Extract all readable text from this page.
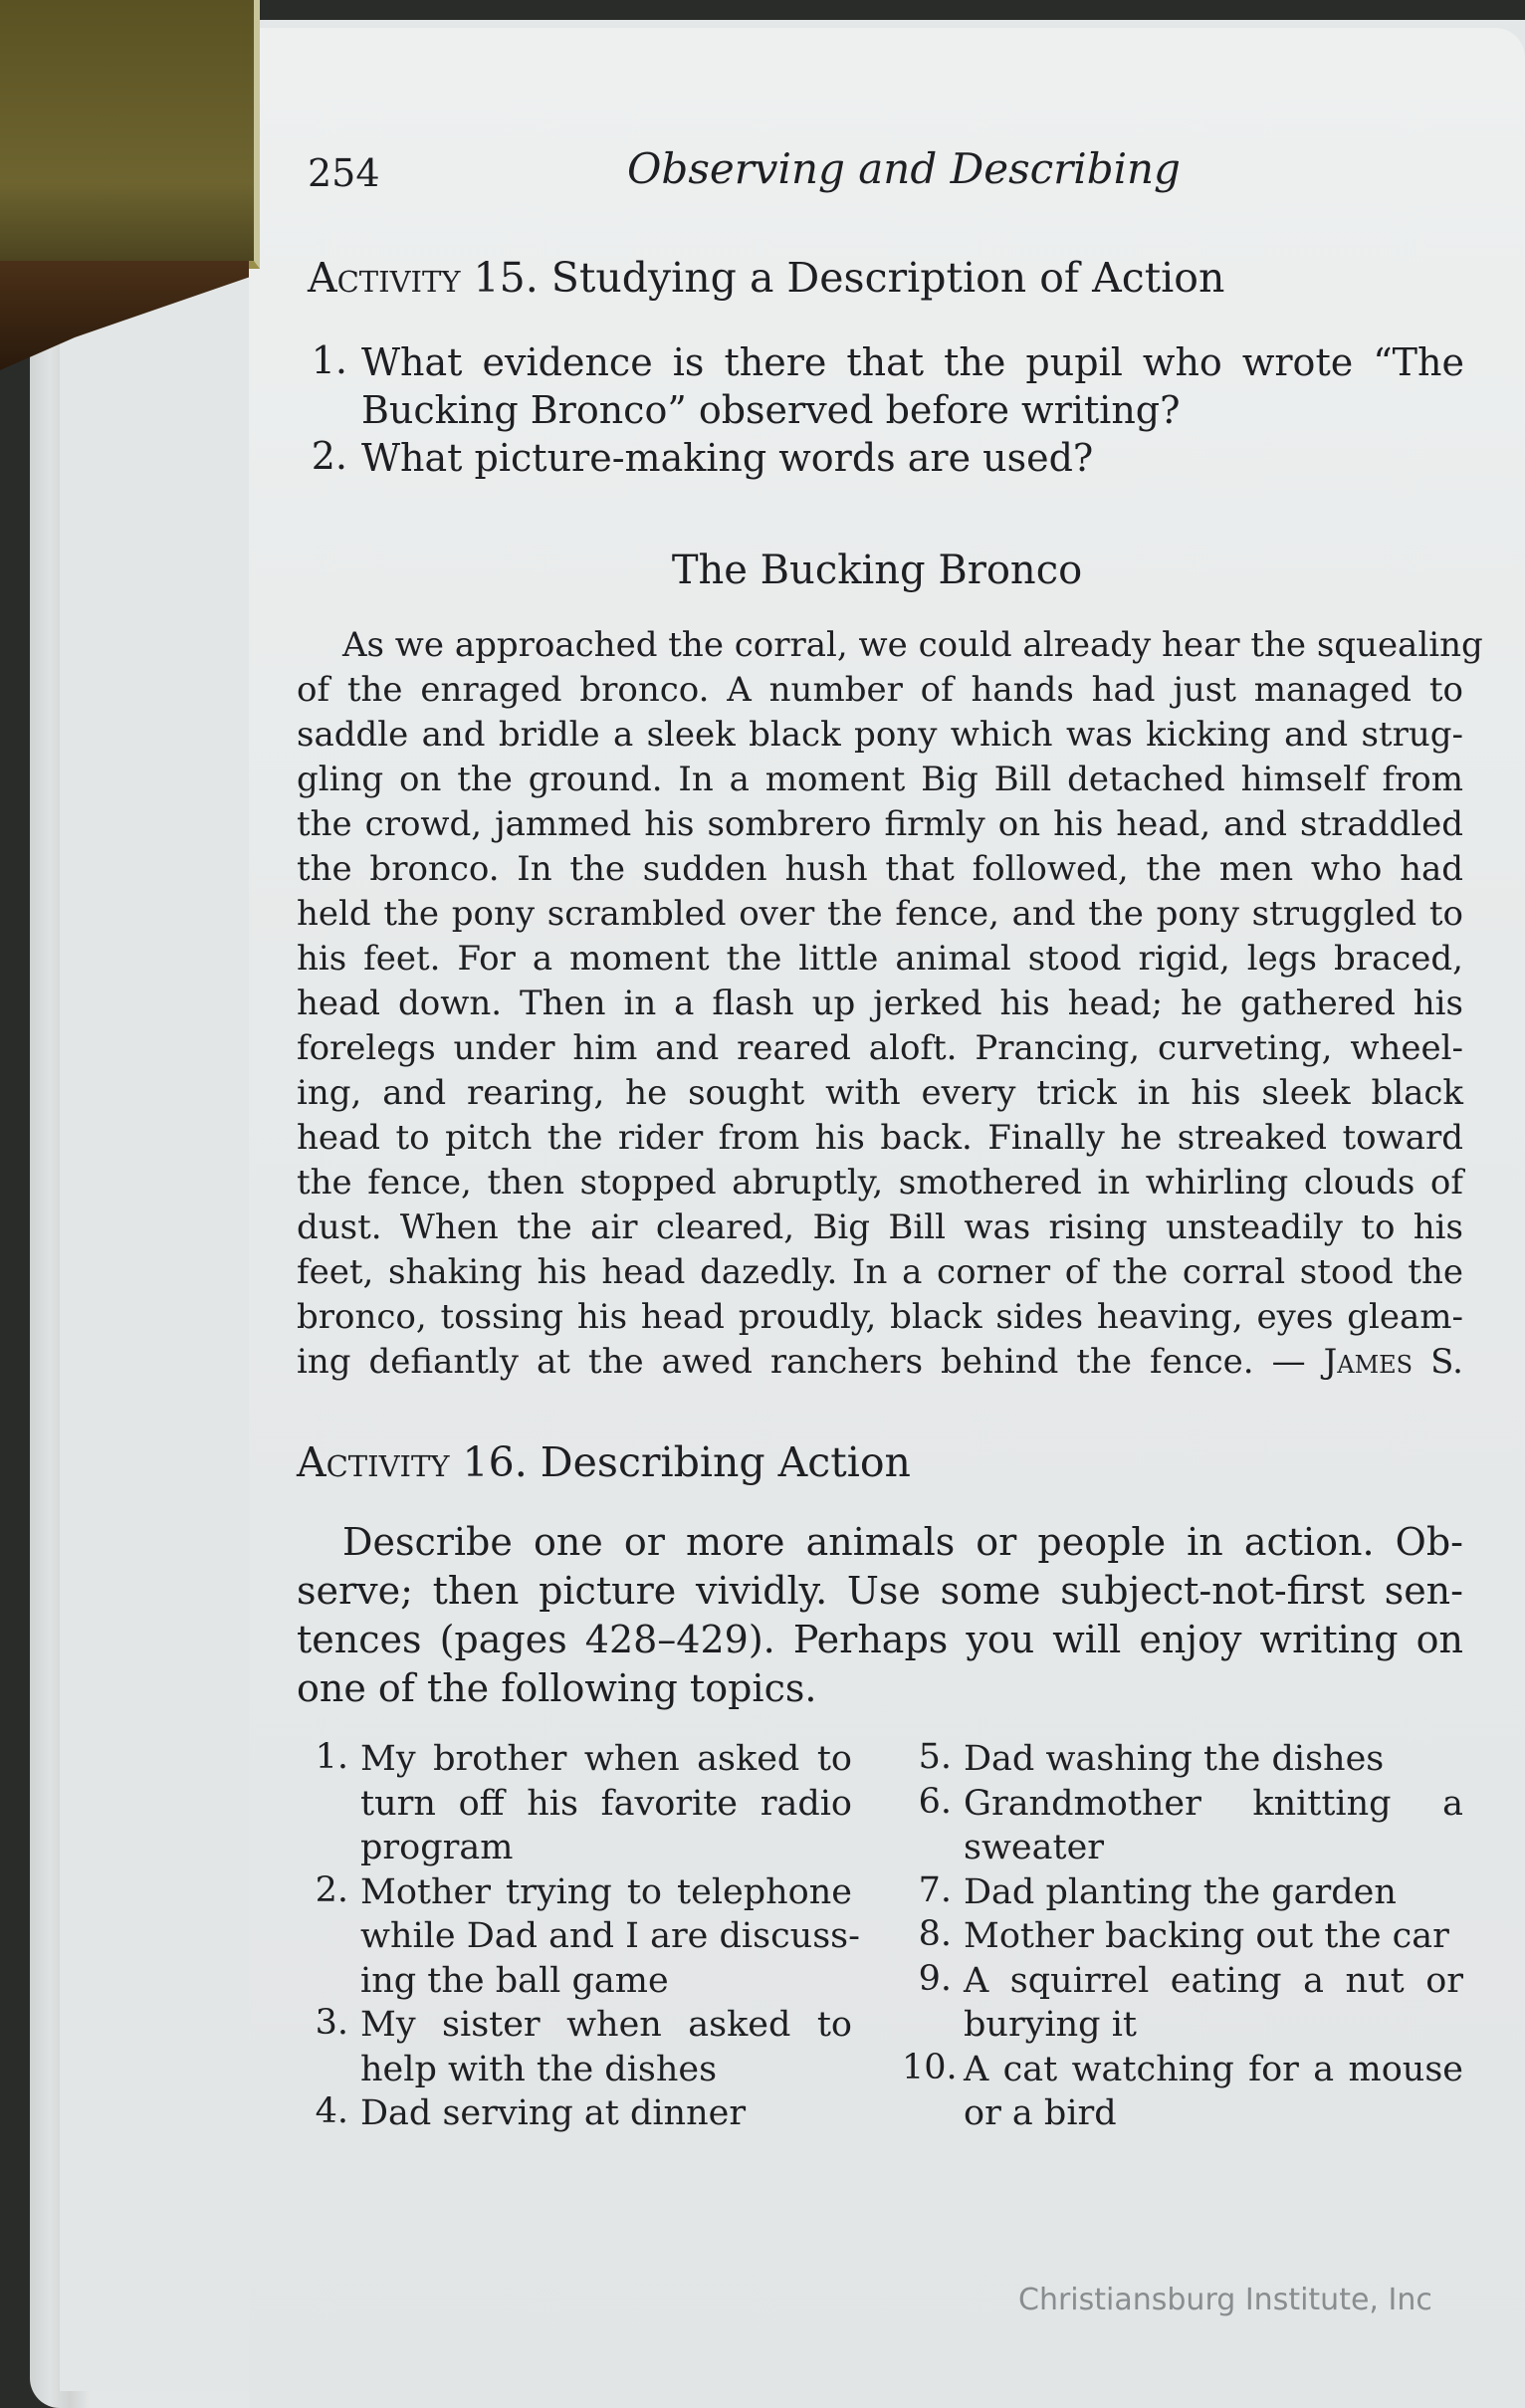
254	Observing and Describing
Activity 15. Studying a Description of Action
1. What evidence is there that the pupil who wrote “The
Bucking Bronco” observed before writing?
2. What picture-making words are used?
The Bucking Bronco
As we approached the corral, we could already hear the squealing
of the enraged bronco. A number of hands had just managed to
saddle and bridle a sleek black pony which was kicking and strug-
gling on the ground. In a moment Big Bill detached himself from
the crowd, jammed his sombrero firmly on his head, and straddled
the bronco. In the sudden hush that followed, the men who had
held the pony scrambled over the fence, and the pony struggled to
his feet. For a moment the little animal stood rigid, legs braced,
head down. Then in a flash up jerked his head; he gathered his
forelegs under him and reared aloft. Prancing, curveting, wheel-
ing, and rearing, he sought with every trick in his sleek black
head to pitch the rider from his back. Finally he streaked toward
the fence, then stopped abruptly, smothered in whirling clouds of
dust. When the air cleared, Big Bill was rising unsteadily to his
feet, shaking his head dazedly. In a corner of the corral stood the
bronco, tossing his head proudly, black sides heaving, eyes gleam-
ing defiantly at the awed ranchers behind the fence. — James S.
Activity 16. Describing Action
Describe one or more animals or people in action. Ob-
serve; then picture vividly. Use some subject-not-first sen-
tences (pages 428–429). Perhaps you will enjoy writing on
one of the following topics.
1. My brother when asked to
turn off his favorite radio
program
2. Mother trying to telephone
while Dad and I are discuss-
ing the ball game
3. My sister when asked to
help with the dishes
4. Dad serving at dinner
5. Dad washing the dishes
6. Grandmother knitting a
sweater
7. Dad planting the garden
8. Mother backing out the car
9. A squirrel eating a nut or
burying it
10. A cat watching for a mouse
or a bird
Christiansburg Institute, Inc
